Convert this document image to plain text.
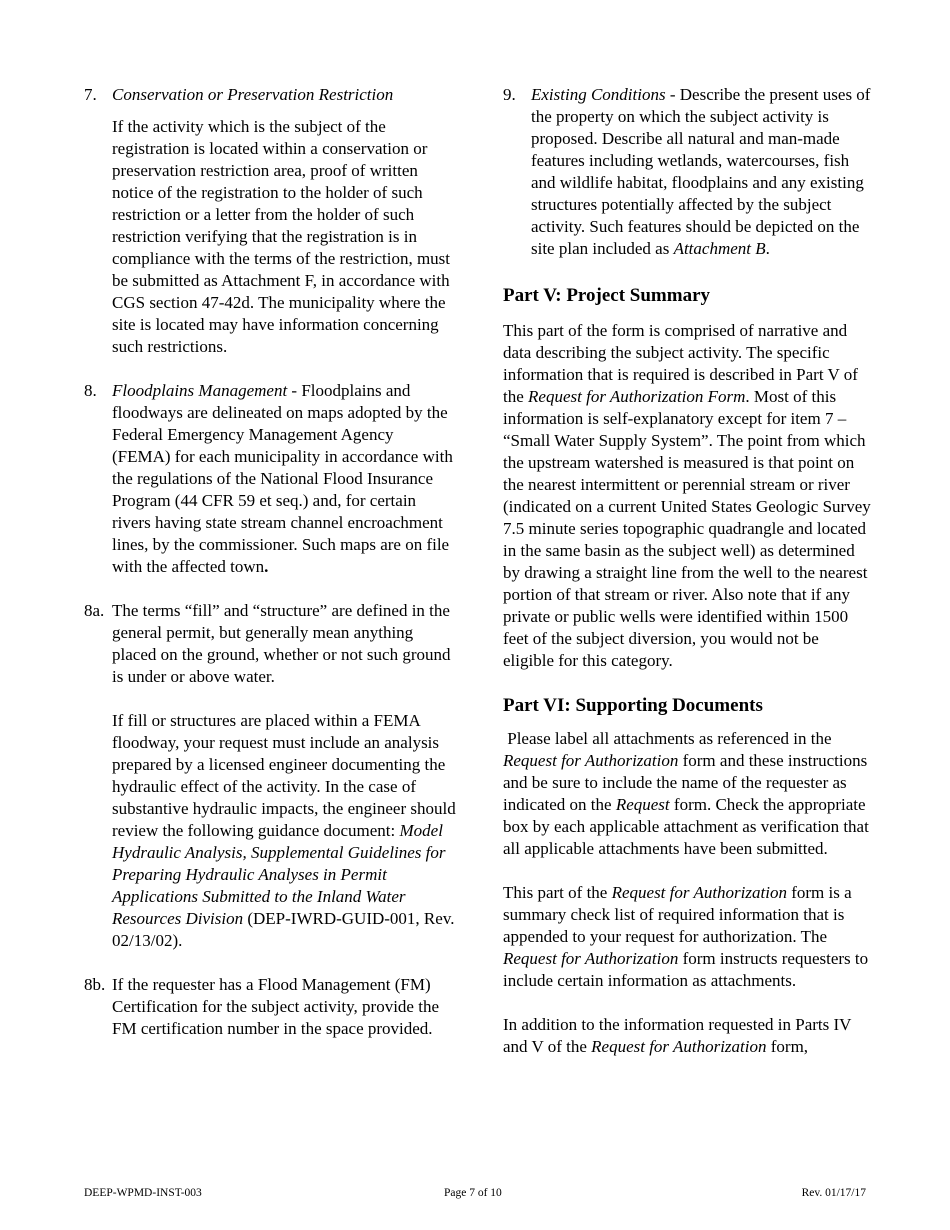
7. Conservation or Preservation Restriction

If the activity which is the subject of the registration is located within a conservation or preservation restriction area, proof of written notice of the registration to the holder of such restriction or a letter from the holder of such restriction verifying that the registration is in compliance with the terms of the restriction, must be submitted as Attachment F, in accordance with CGS section 47-42d. The municipality where the site is located may have information concerning such restrictions.

8. Floodplains Management - Floodplains and floodways are delineated on maps adopted by the Federal Emergency Management Agency (FEMA) for each municipality in accordance with the regulations of the National Flood Insurance Program (44 CFR 59 et seq.) and, for certain rivers having state stream channel encroachment lines, by the commissioner. Such maps are on file with the affected town.

8a. The terms “fill” and “structure” are defined in the general permit, but generally mean anything placed on the ground, whether or not such ground is under or above water.

If fill or structures are placed within a FEMA floodway, your request must include an analysis prepared by a licensed engineer documenting the hydraulic effect of the activity. In the case of substantive hydraulic impacts, the engineer should review the following guidance document: Model Hydraulic Analysis, Supplemental Guidelines for Preparing Hydraulic Analyses in Permit Applications Submitted to the Inland Water Resources Division (DEP-IWRD-GUID-001, Rev. 02/13/02).

8b. If the requester has a Flood Management (FM) Certification for the subject activity, provide the FM certification number in the space provided.

9. Existing Conditions - Describe the present uses of the property on which the subject activity is proposed. Describe all natural and man-made features including wetlands, watercourses, fish and wildlife habitat, floodplains and any existing structures potentially affected by the subject activity. Such features should be depicted on the site plan included as Attachment B.

Part V: Project Summary

This part of the form is comprised of narrative and data describing the subject activity. The specific information that is required is described in Part V of the Request for Authorization Form. Most of this information is self-explanatory except for item 7 – “Small Water Supply System”. The point from which the upstream watershed is measured is that point on the nearest intermittent or perennial stream or river (indicated on a current United States Geologic Survey 7.5 minute series topographic quadrangle and located in the same basin as the subject well) as determined by drawing a straight line from the well to the nearest portion of that stream or river. Also note that if any private or public wells were identified within 1500 feet of the subject diversion, you would not be eligible for this category.

Part VI: Supporting Documents

Please label all attachments as referenced in the Request for Authorization form and these instructions and be sure to include the name of the requester as indicated on the Request form. Check the appropriate box by each applicable attachment as verification that all applicable attachments have been submitted.

This part of the Request for Authorization form is a summary check list of required information that is appended to your request for authorization. The Request for Authorization form instructs requesters to include certain information as attachments.

In addition to the information requested in Parts IV and V of the Request for Authorization form,

DEEP-WPMD-INST-003	Page 7 of 10	Rev. 01/17/17
